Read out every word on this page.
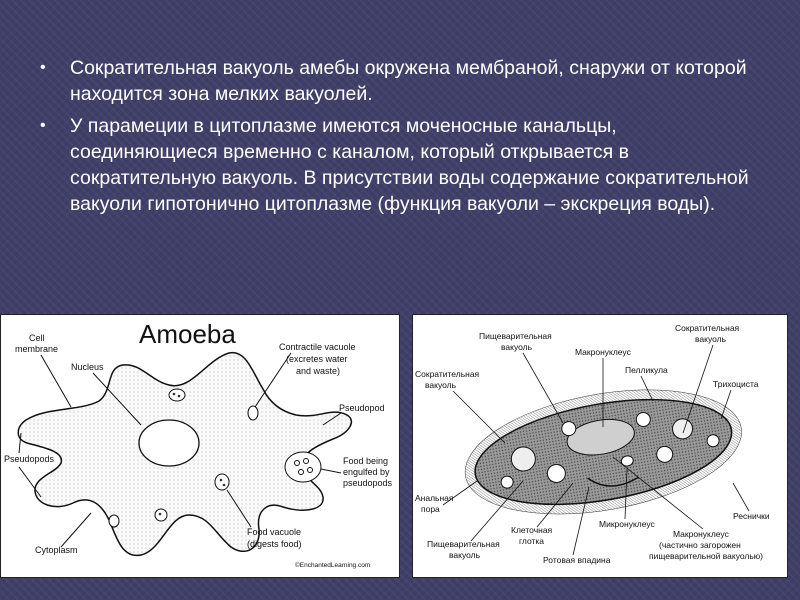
• Сократительная вакуоль амебы окружена мембраной, снаружи от которой находится зона мелких вакуолей.
• У парамеции в цитоплазме имеются моченосные канальцы, соединяющиеся временно с каналом, который открывается в сократительную вакуоль. В присутствии воды содержание сократительной вакуоли гипотонично цитоплазме (функция вакуоли – экскреция воды).
Amoeba
Cell
membrane
Nucleus
Contractile vacuole
(excretes water
and waste)
Pseudopod
Pseudopods	Food being
engulfed by
pseudopods
Cytoplasm
Food vacuole
(digests food)
©EnchantedLearning.com
Пищеварительная
вакуоль	Макронуклеус
Сократительная
вакуоль
Пелликула
Трихоциста
Сократительная
вакуоль
Анальная
пора
Клеточная
глотка
Микронуклеус
Реснички
Пищеварительная
вакуоль	Ротовая впадина
Макронуклеус
(частично загорожен
пищеварительной вакуолью)
